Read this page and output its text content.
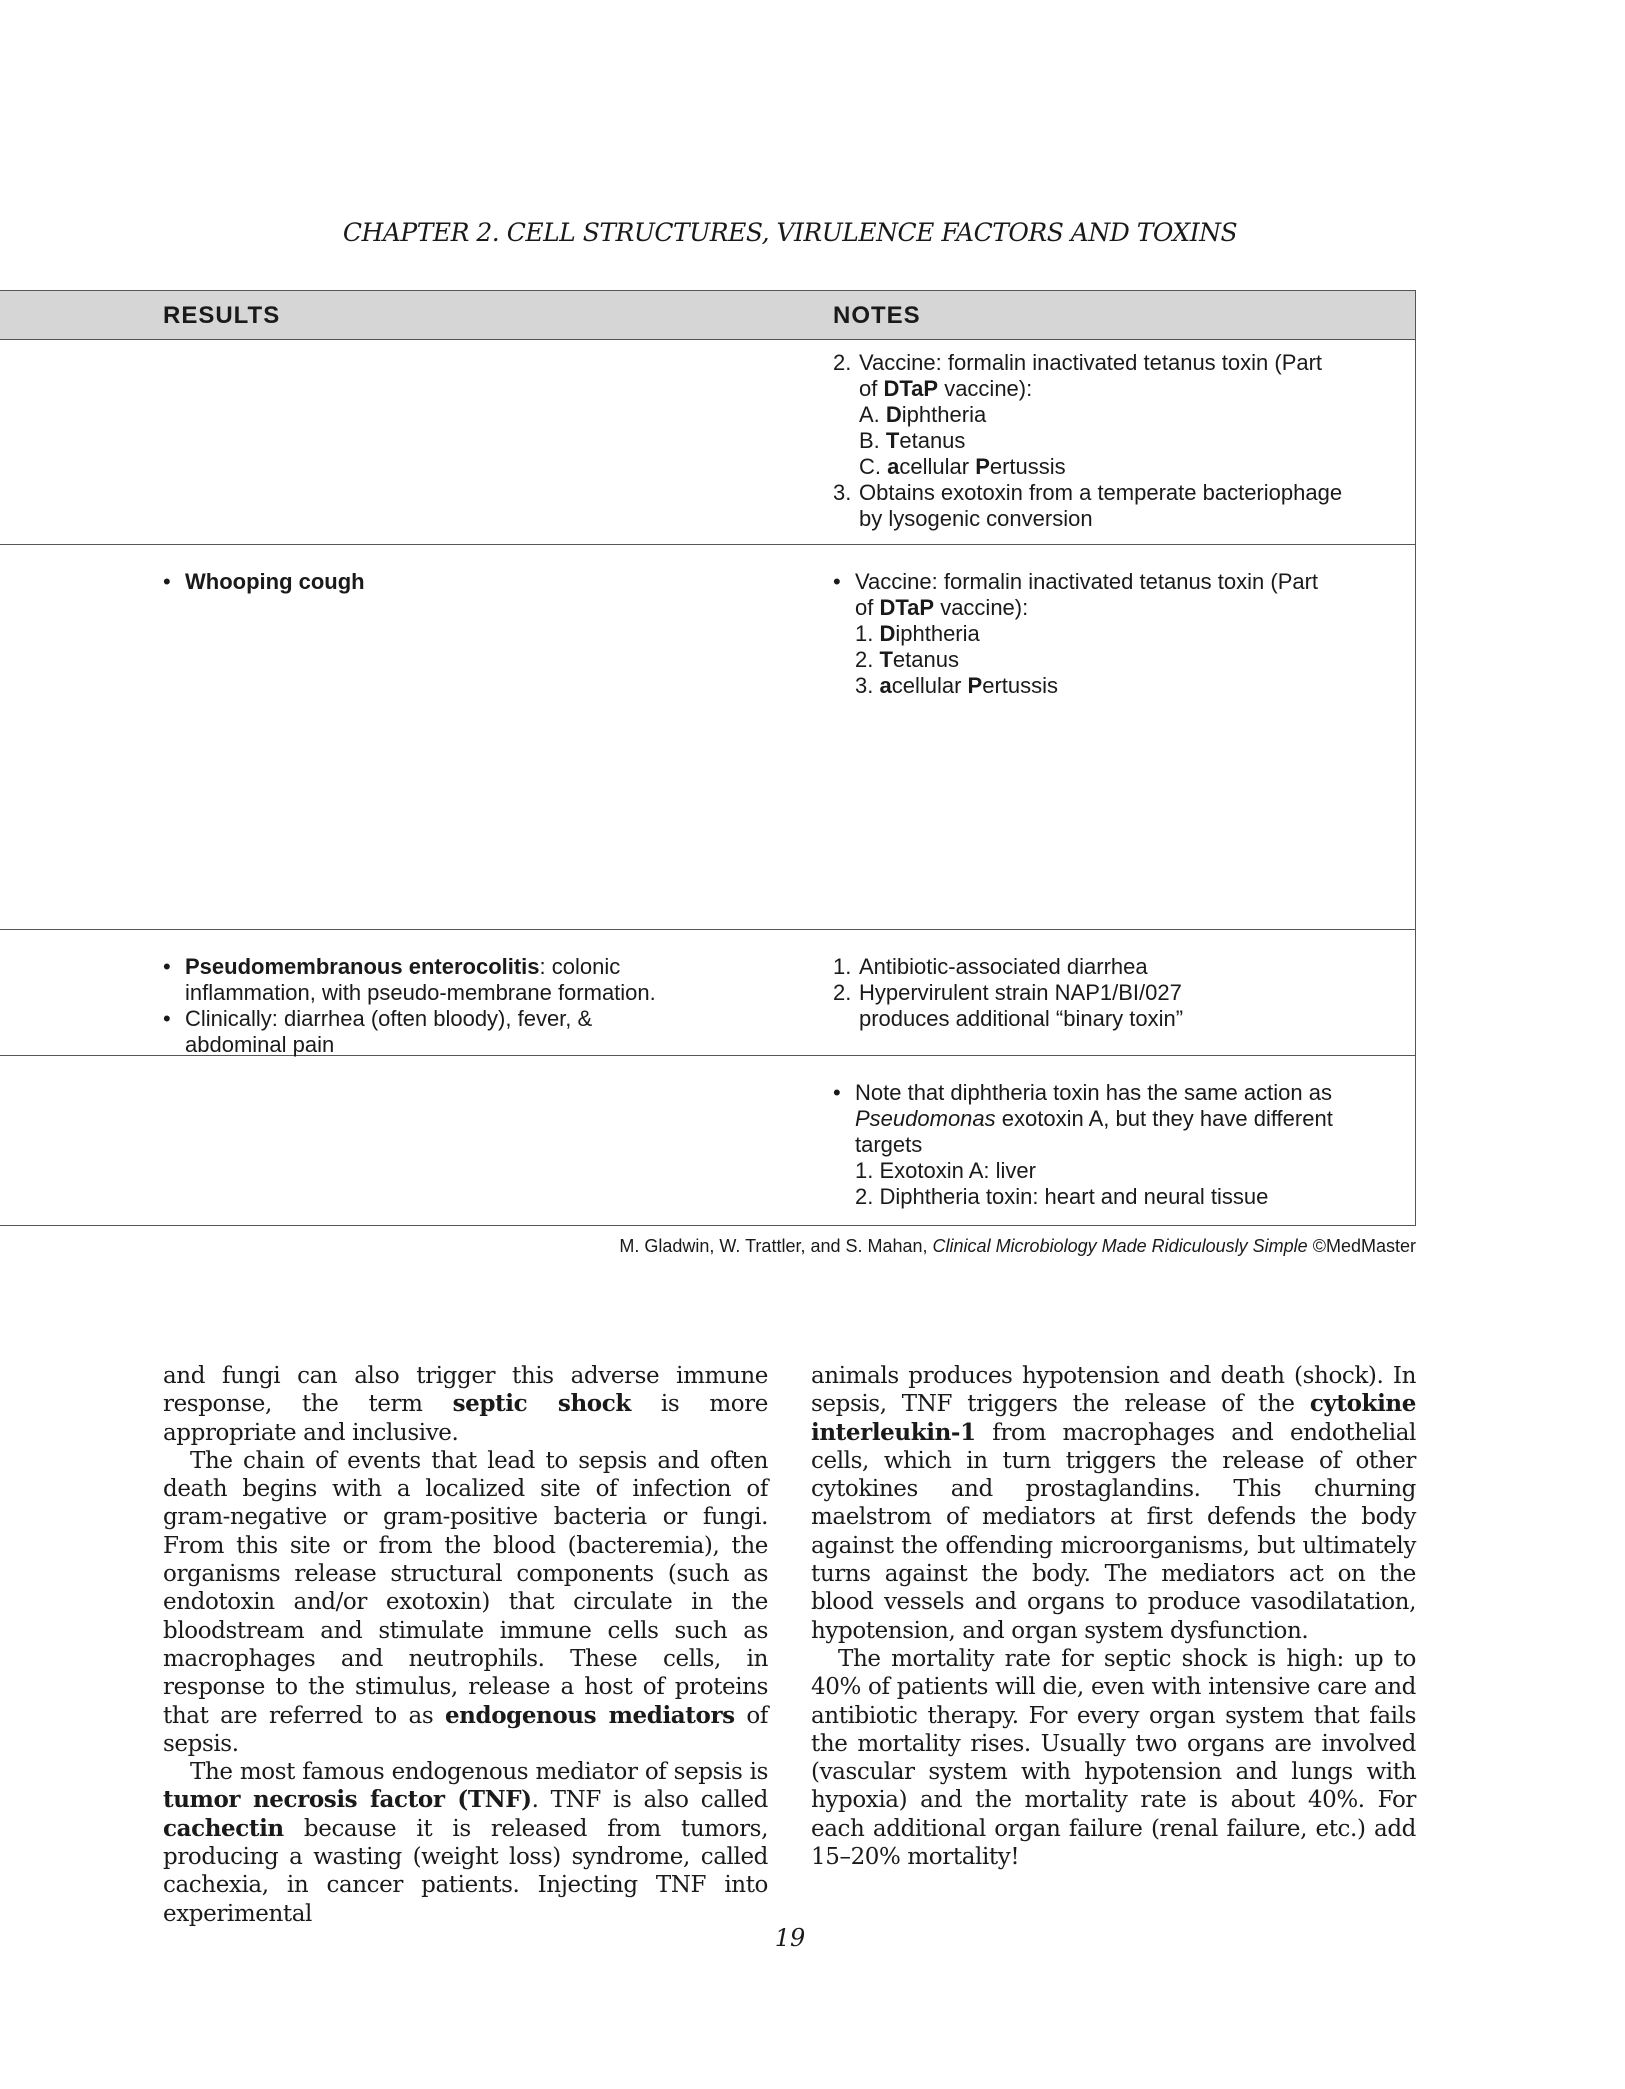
CHAPTER 2. CELL STRUCTURES, VIRULENCE FACTORS AND TOXINS
RESULTS	NOTES
2. Vaccine: formalin inactivated tetanus toxin (Part
of DTaP vaccine):
A. Diphtheria
B. Tetanus
C. acellular Pertussis
3. Obtains exotoxin from a temperate bacteriophage
by lysogenic conversion
• Whooping cough
•	Vaccine: formalin inactivated tetanus toxin (Part
of DTaP vaccine):
1. Diphtheria
2. Tetanus
3. acellular Pertussis
• Pseudomembranous enterocolitis: colonic
inflammation, with pseudo-membrane formation.
• Clinically: diarrhea (often bloody), fever, &
abdominal pain
1. Antibiotic-associated diarrhea
2. Hypervirulent strain NAP1/BI/027
produces additional “binary toxin”
• Note that diphtheria toxin has the same action as
Pseudomonas exotoxin A, but they have different
targets
1. Exotoxin A: liver
2. Diphtheria toxin: heart and neural tissue
M. Gladwin, W. Trattler, and S. Mahan, Clinical Microbiology Made Ridiculously Simple ©MedMaster

and fungi can also trigger this adverse immune response, the term septic shock is more appropriate and inclusive.

The chain of events that lead to sepsis and often death begins with a localized site of infection of gram-negative or gram-positive bacteria or fungi. From this site or from the blood (bacteremia), the organisms release structural components (such as endotoxin and/or exotoxin) that circulate in the bloodstream and stimulate immune cells such as macrophages and neutrophils. These cells, in response to the stimulus, release a host of proteins that are referred to as endogenous mediators of sepsis.

The most famous endogenous mediator of sepsis is tumor necrosis factor (TNF). TNF is also called cachectin because it is released from tumors, producing a wasting (weight loss) syndrome, called cachexia, in cancer patients. Injecting TNF into experimental

animals produces hypotension and death (shock). In sepsis, TNF triggers the release of the cytokine interleukin-1 from macrophages and endothelial cells, which in turn triggers the release of other cytokines and prostaglandins. This churning maelstrom of mediators at first defends the body against the offending microorganisms, but ultimately turns against the body. The mediators act on the blood vessels and organs to produce vasodilatation, hypotension, and organ system dysfunction.

The mortality rate for septic shock is high: up to 40% of patients will die, even with intensive care and antibiotic therapy. For every organ system that fails the mortality rises. Usually two organs are involved (vascular system with hypotension and lungs with hypoxia) and the mortality rate is about 40%. For each additional organ failure (renal failure, etc.) add 15–20% mortality!

19
